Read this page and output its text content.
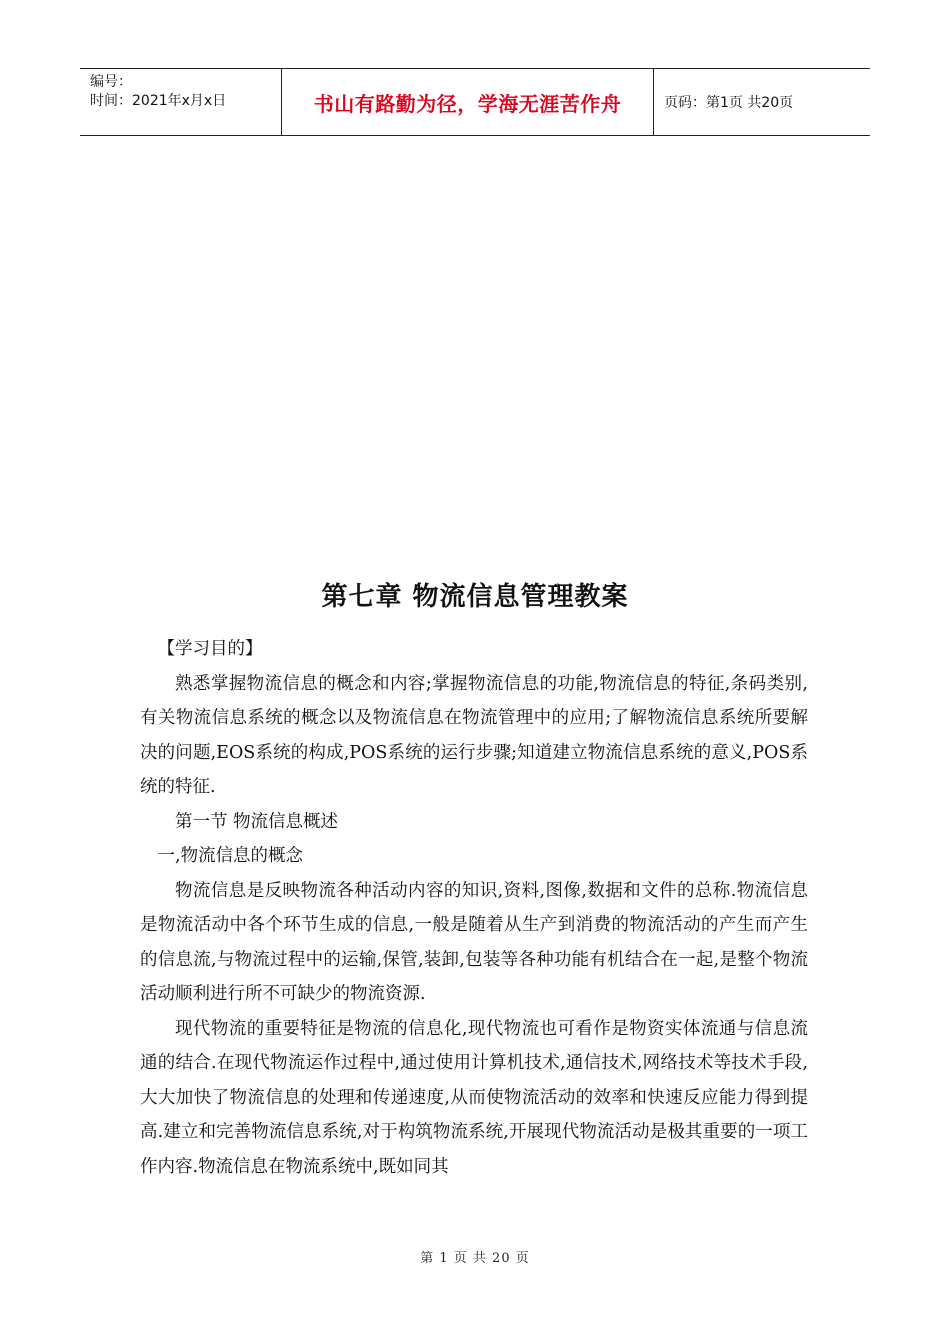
编号：
时间：2021年x月x日	书山有路勤为径，学海无涯苦作舟	页码：第1页 共20页
第七章 物流信息管理教案

【学习目的】

熟悉掌握物流信息的概念和内容;掌握物流信息的功能,物流信息的特征,条码类别,有关物流信息系统的概念以及物流信息在物流管理中的应用;了解物流信息系统所要解决的问题,EOS系统的构成,POS系统的运行步骤;知道建立物流信息系统的意义,POS系统的特征.

第一节 物流信息概述

一,物流信息的概念

物流信息是反映物流各种活动内容的知识,资料,图像,数据和文件的总称.物流信息是物流活动中各个环节生成的信息,一般是随着从生产到消费的物流活动的产生而产生的信息流,与物流过程中的运输,保管,装卸,包装等各种功能有机结合在一起,是整个物流活动顺利进行所不可缺少的物流资源.

现代物流的重要特征是物流的信息化,现代物流也可看作是物资实体流通与信息流通的结合.在现代物流运作过程中,通过使用计算机技术,通信技术,网络技术等技术手段,大大加快了物流信息的处理和传递速度,从而使物流活动的效率和快速反应能力得到提高.建立和完善物流信息系统,对于构筑物流系统,开展现代物流活动是极其重要的一项工作内容.物流信息在物流系统中,既如同其

第 1 页 共 20 页
